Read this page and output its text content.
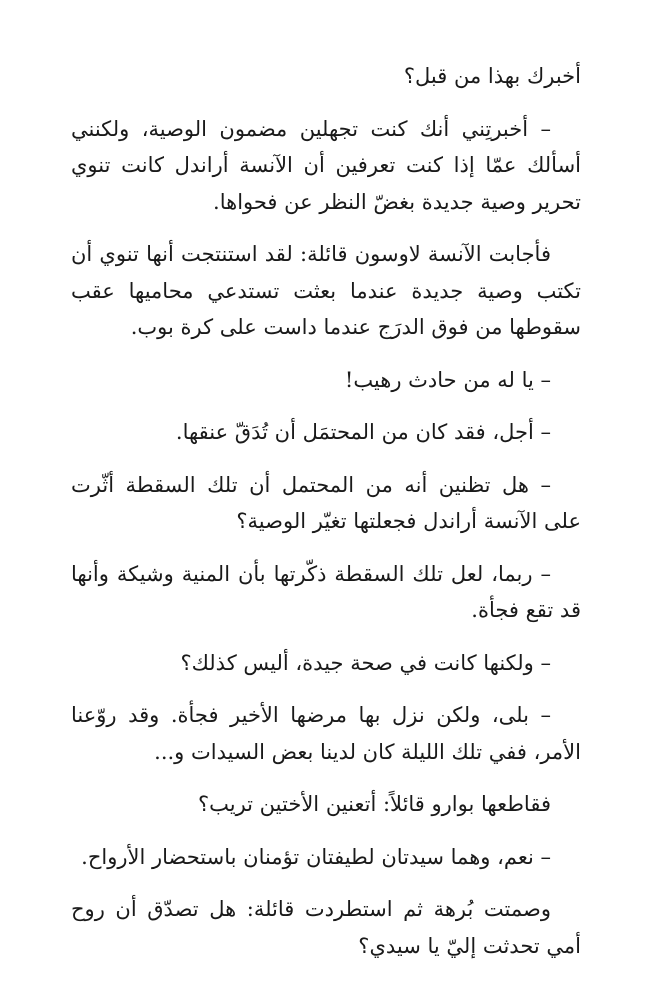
أخبرك بهذا من قبل؟

– أخبرتِني أنك كنت تجهلين مضمون الوصية، ولكنني أسألك عمّا إذا كنت تعرفين أن الآنسة أراندل كانت تنوي تحرير وصية جديدة بغضّ النظر عن فحواها.

فأجابت الآنسة لاوسون قائلة: لقد استنتجت أنها تنوي أن تكتب وصية جديدة عندما بعثت تستدعي محاميها عقب سقوطها من فوق الدرَج عندما داست على كرة بوب.

– يا له من حادث رهيب!

– أجل، فقد كان من المحتمَل أن تُدَقّ عنقها.

– هل تظنين أنه من المحتمل أن تلك السقطة أثّرت على الآنسة أراندل فجعلتها تغيّر الوصية؟

– ربما، لعل تلك السقطة ذكّرتها بأن المنية وشيكة وأنها قد تقع فجأة.

– ولكنها كانت في صحة جيدة، أليس كذلك؟

– بلى، ولكن نزل بها مرضها الأخير فجأة. وقد روّعنا الأمر، ففي تلك الليلة كان لدينا بعض السيدات و...

فقاطعها بوارو قائلاً: أتعنين الأختين تريب؟

– نعم، وهما سيدتان لطيفتان تؤمنان باستحضار الأرواح.

وصمتت بُرهة ثم استطردت قائلة: هل تصدّق أن روح أمي تحدثت إليّ يا سيدي؟
